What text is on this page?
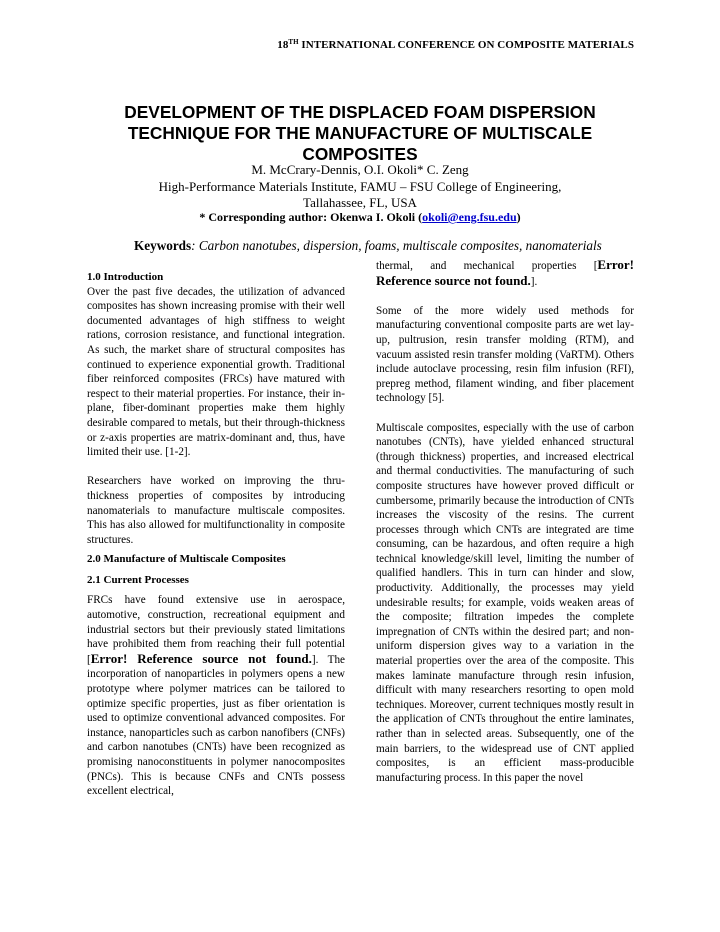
18TH INTERNATIONAL CONFERENCE ON COMPOSITE MATERIALS
DEVELOPMENT OF THE DISPLACED FOAM DISPERSION TECHNIQUE FOR THE MANUFACTURE OF MULTISCALE COMPOSITES
M. McCrary-Dennis, O.I. Okoli* C. Zeng
High-Performance Materials Institute, FAMU – FSU College of Engineering,
Tallahassee, FL, USA
* Corresponding author: Okenwa I. Okoli (okoli@eng.fsu.edu)
Keywords: Carbon nanotubes, dispersion, foams, multiscale composites, nanomaterials

1.0 Introduction

Over the past five decades, the utilization of advanced composites has shown increasing promise with their well documented advantages of high stiffness to weight rations, corrosion resistance, and functional integration. As such, the market share of structural composites has continued to experience exponential growth. Traditional fiber reinforced composites (FRCs) have matured with respect to their material properties. For instance, their in-plane, fiber-dominant properties make them highly desirable compared to metals, but their through-thickness or z-axis properties are matrix-dominant and, thus, have limited their use. [1-2].

Researchers have worked on improving the thru-thickness properties of composites by introducing nanomaterials to manufacture multiscale composites. This has also allowed for multifunctionality in composite structures.

2.0 Manufacture of Multiscale Composites

2.1 Current Processes

FRCs have found extensive use in aerospace, automotive, construction, recreational equipment and industrial sectors but their previously stated limitations have prohibited them from reaching their full potential [Error! Reference source not found.]. The incorporation of nanoparticles in polymers opens a new prototype where polymer matrices can be tailored to optimize specific properties, just as fiber orientation is used to optimize conventional advanced composites. For instance, nanoparticles such as carbon nanofibers (CNFs) and carbon nanotubes (CNTs) have been recognized as promising nanoconstituents in polymer nanocomposites (PNCs). This is because CNFs and CNTs possess excellent electrical,

thermal, and mechanical properties [Error! Reference source not found.].

Some of the more widely used methods for manufacturing conventional composite parts are wet lay-up, pultrusion, resin transfer molding (RTM), and vacuum assisted resin transfer molding (VaRTM). Others include autoclave processing, resin film infusion (RFI), prepreg method, filament winding, and fiber placement technology [5].

Multiscale composites, especially with the use of carbon nanotubes (CNTs), have yielded enhanced structural (through thickness) properties, and increased electrical and thermal conductivities. The manufacturing of such composite structures have however proved difficult or cumbersome, primarily because the introduction of CNTs increases the viscosity of the resins. The current processes through which CNTs are integrated are time consuming, can be hazardous, and often require a high technical knowledge/skill level, limiting the number of qualified handlers. This in turn can hinder and slow, productivity. Additionally, the processes may yield undesirable results; for example, voids weaken areas of the composite; filtration impedes the complete impregnation of CNTs within the desired part; and non-uniform dispersion gives way to a variation in the material properties over the area of the composite. This makes laminate manufacture through resin infusion, difficult with many researchers resorting to open mold techniques. Moreover, current techniques mostly result in the application of CNTs throughout the entire laminates, rather than in selected areas. Subsequently, one of the main barriers, to the widespread use of CNT applied composites, is an efficient mass-producible manufacturing process. In this paper the novel
